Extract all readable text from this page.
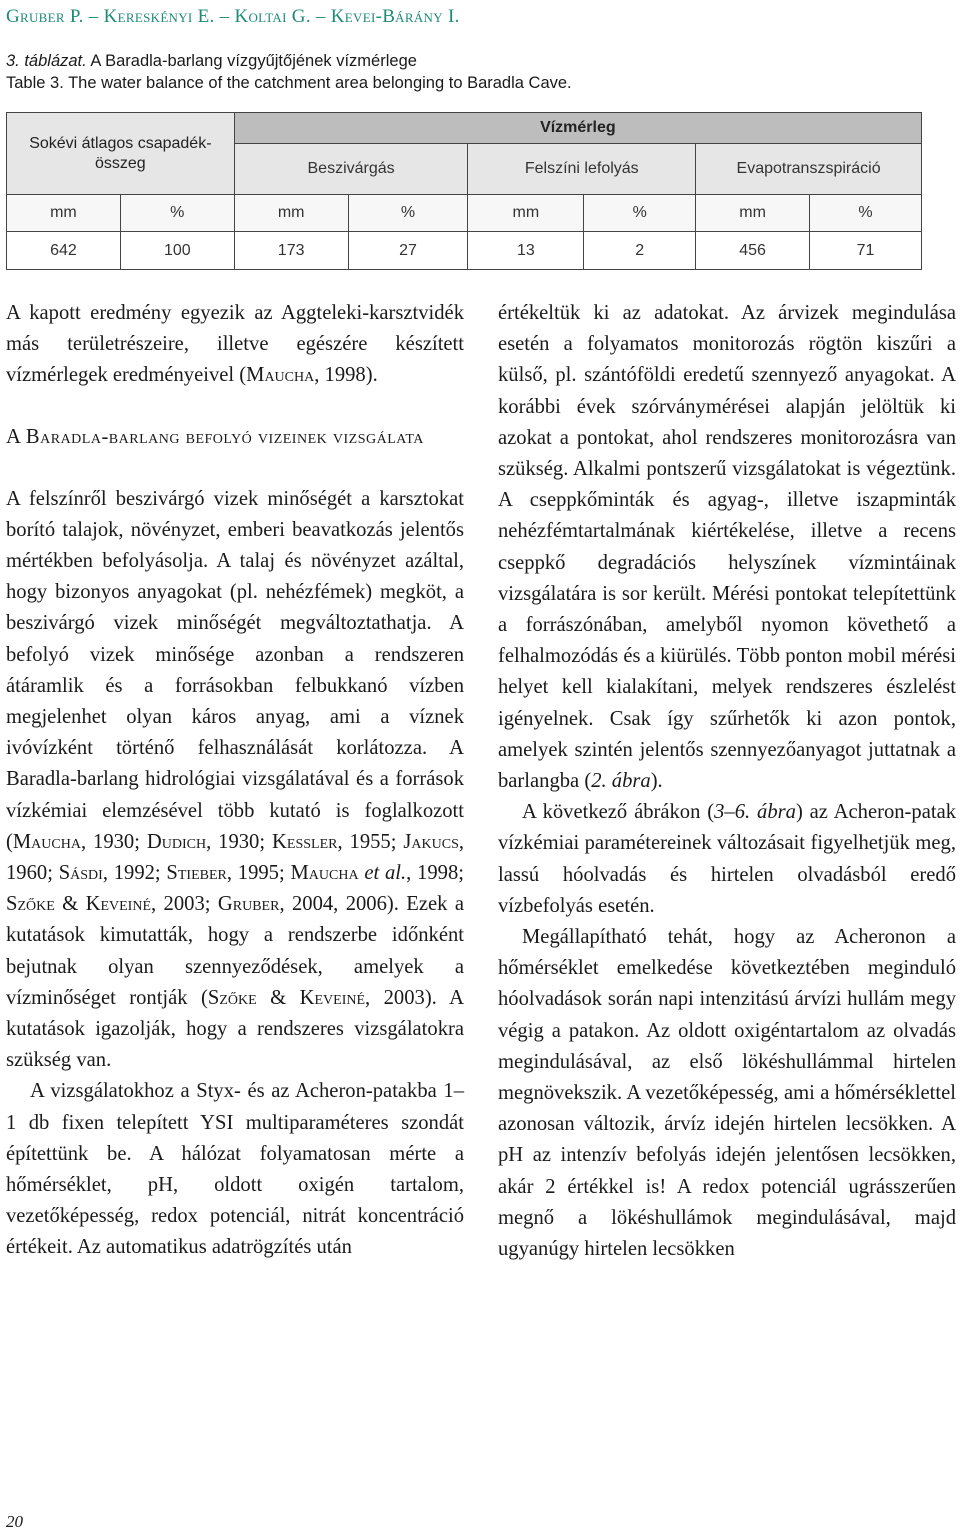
Gruber P. – Kereskényi E. – Koltai G. – Kevei-Bárány I.
3. táblázat. A Baradla-barlang vízgyűjtőjének vízmérlege
Table 3. The water balance of the catchment area belonging to Baradla Cave.
Sokévi átlagos csapadék-összeg		Vízmérleg					
		Beszivárgás		Felszíni lefolyás		Evapotranszspiráció	
mm	%	mm	%	mm	%	mm	%
642	100	173	27	13	2	456	71

A kapott eredmény egyezik az Aggteleki-karsztvidék más területrészeire, illetve egészére készített vízmérlegek eredményeivel (Maucha, 1998).

A Baradla-barlang befolyó vizeinek vizsgálata

A felszínről beszivárgó vizek minőségét a karsztokat borító talajok, növényzet, emberi beavatkozás jelentős mértékben befolyásolja. A talaj és növényzet azáltal, hogy bizonyos anyagokat (pl. nehézfémek) megköt, a beszivárgó vizek minőségét megváltoztathatja. A befolyó vizek minősége azonban a rendszeren átáramlik és a forrásokban felbukkanó vízben megjelenhet olyan káros anyag, ami a víznek ivóvízként történő felhasználását korlátozza. A Baradla-barlang hidrológiai vizsgálatával és a források vízkémiai elemzésével több kutató is foglalkozott (Maucha, 1930; Dudich, 1930; Kessler, 1955; Jakucs, 1960; Sásdi, 1992; Stieber, 1995; Maucha et al., 1998; Szőke & Keveiné, 2003; Gruber, 2004, 2006). Ezek a kutatások kimutatták, hogy a rendszerbe időnként bejutnak olyan szennyeződések, amelyek a vízminőséget rontják (Szőke & Keveiné, 2003). A kutatások igazolják, hogy a rendszeres vizsgálatokra szükség van.

A vizsgálatokhoz a Styx- és az Acheron-patakba 1–1 db fixen telepített YSI multiparaméteres szondát építettünk be. A hálózat folyamatosan mérte a hőmérséklet, pH, oldott oxigén tartalom, vezetőképesség, redox potenciál, nitrát koncentráció értékeit. Az automatikus adatrögzítés után

értékeltük ki az adatokat. Az árvizek megindulása esetén a folyamatos monitorozás rögtön kiszűri a külső, pl. szántóföldi eredetű szennyező anyagokat. A korábbi évek szórványmérései alapján jelöltük ki azokat a pontokat, ahol rendszeres monitorozásra van szükség. Alkalmi pontszerű vizsgálatokat is végeztünk. A cseppkőminták és agyag-, illetve iszapminták nehézfémtartalmának kiértékelése, illetve a recens cseppkő degradációs helyszínek vízmintáinak vizsgálatára is sor került. Mérési pontokat telepítettünk a forrászónában, amelyből nyomon követhető a felhalmozódás és a kiürülés. Több ponton mobil mérési helyet kell kialakítani, melyek rendszeres észlelést igényelnek. Csak így szűrhetők ki azon pontok, amelyek szintén jelentős szennyezőanyagot juttatnak a barlangba (2. ábra).

A következő ábrákon (3–6. ábra) az Acheron-patak vízkémiai paramétereinek változásait figyelhetjük meg, lassú hóolvadás és hirtelen olvadásból eredő vízbefolyás esetén.

Megállapítható tehát, hogy az Acheronon a hőmérséklet emelkedése következtében meginduló hóolvadások során napi intenzitású árvízi hullám megy végig a patakon. Az oldott oxigéntartalom az olvadás megindulásával, az első lökéshullámmal hirtelen megnövekszik. A vezetőképesség, ami a hőmérséklettel azonosan változik, árvíz idején hirtelen lecsökken. A pH az intenzív befolyás idején jelentősen lecsökken, akár 2 értékkel is! A redox potenciál ugrásszerűen megnő a lökéshullámok megindulásával, majd ugyanúgy hirtelen lecsökken

20
